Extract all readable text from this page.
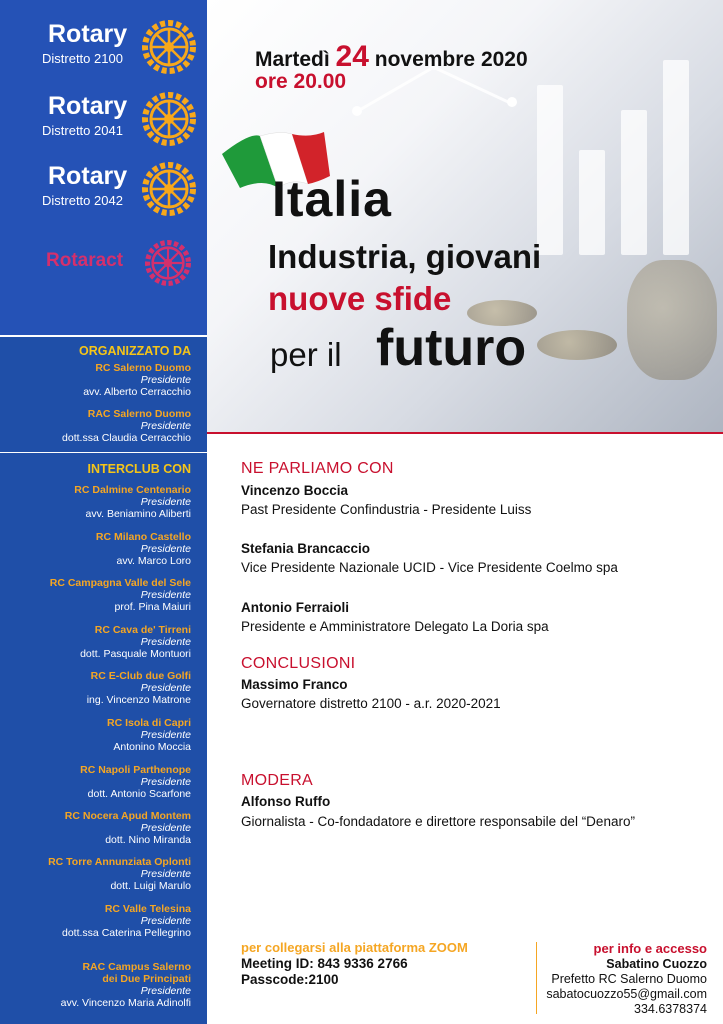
Rotary
Distretto 2100
Rotary
Distretto 2041
Rotary
Distretto 2042
Rotaract
ORGANIZZATO DA
RC Salerno Duomo
Presidente
avv. Alberto Cerracchio
RAC Salerno Duomo
Presidente
dott.ssa Claudia Cerracchio
INTERCLUB CON
RC Dalmine Centenario
Presidente
avv. Beniamino Aliberti
RC Milano Castello
Presidente
avv. Marco Loro
RC Campagna Valle del Sele
Presidente
prof. Pina Maiuri
RC Cava de' Tirreni
Presidente
dott. Pasquale Montuori
RC E-Club due Golfi
Presidente
ing. Vincenzo Matrone
RC Isola di Capri
Presidente
Antonino Moccia
RC Napoli Parthenope
Presidente
dott. Antonio Scarfone
RC Nocera Apud Montem
Presidente
dott. Nino Miranda
RC Torre Annunziata Oplonti
Presidente
dott. Luigi Marulo
RC Valle Telesina
Presidente
dott.ssa Caterina Pellegrino
RAC Campus Salerno
dei Due Principati
Presidente
avv. Vincenzo Maria Adinolfi
Martedì 24 novembre 2020
ore 20.00
Italia
Industria, giovani
nuove sfide
per il futuro
NE PARLIAMO CON
Vincenzo Boccia
Past Presidente Confindustria - Presidente Luiss
Stefania Brancaccio
Vice Presidente Nazionale UCID - Vice Presidente Coelmo spa
Antonio Ferraioli
Presidente e Amministratore Delegato La Doria spa
CONCLUSIONI
Massimo Franco
Governatore distretto 2100 - a.r. 2020-2021
MODERA
Alfonso Ruffo
Giornalista - Co-fondadatore e direttore responsabile del “Denaro”
per collegarsi alla piattaforma ZOOM
Meeting ID: 843 9336 2766
Passcode:2100
per info e accesso
Sabatino Cuozzo
Prefetto RC Salerno Duomo
sabatocuozzo55@gmail.com
334.6378374
